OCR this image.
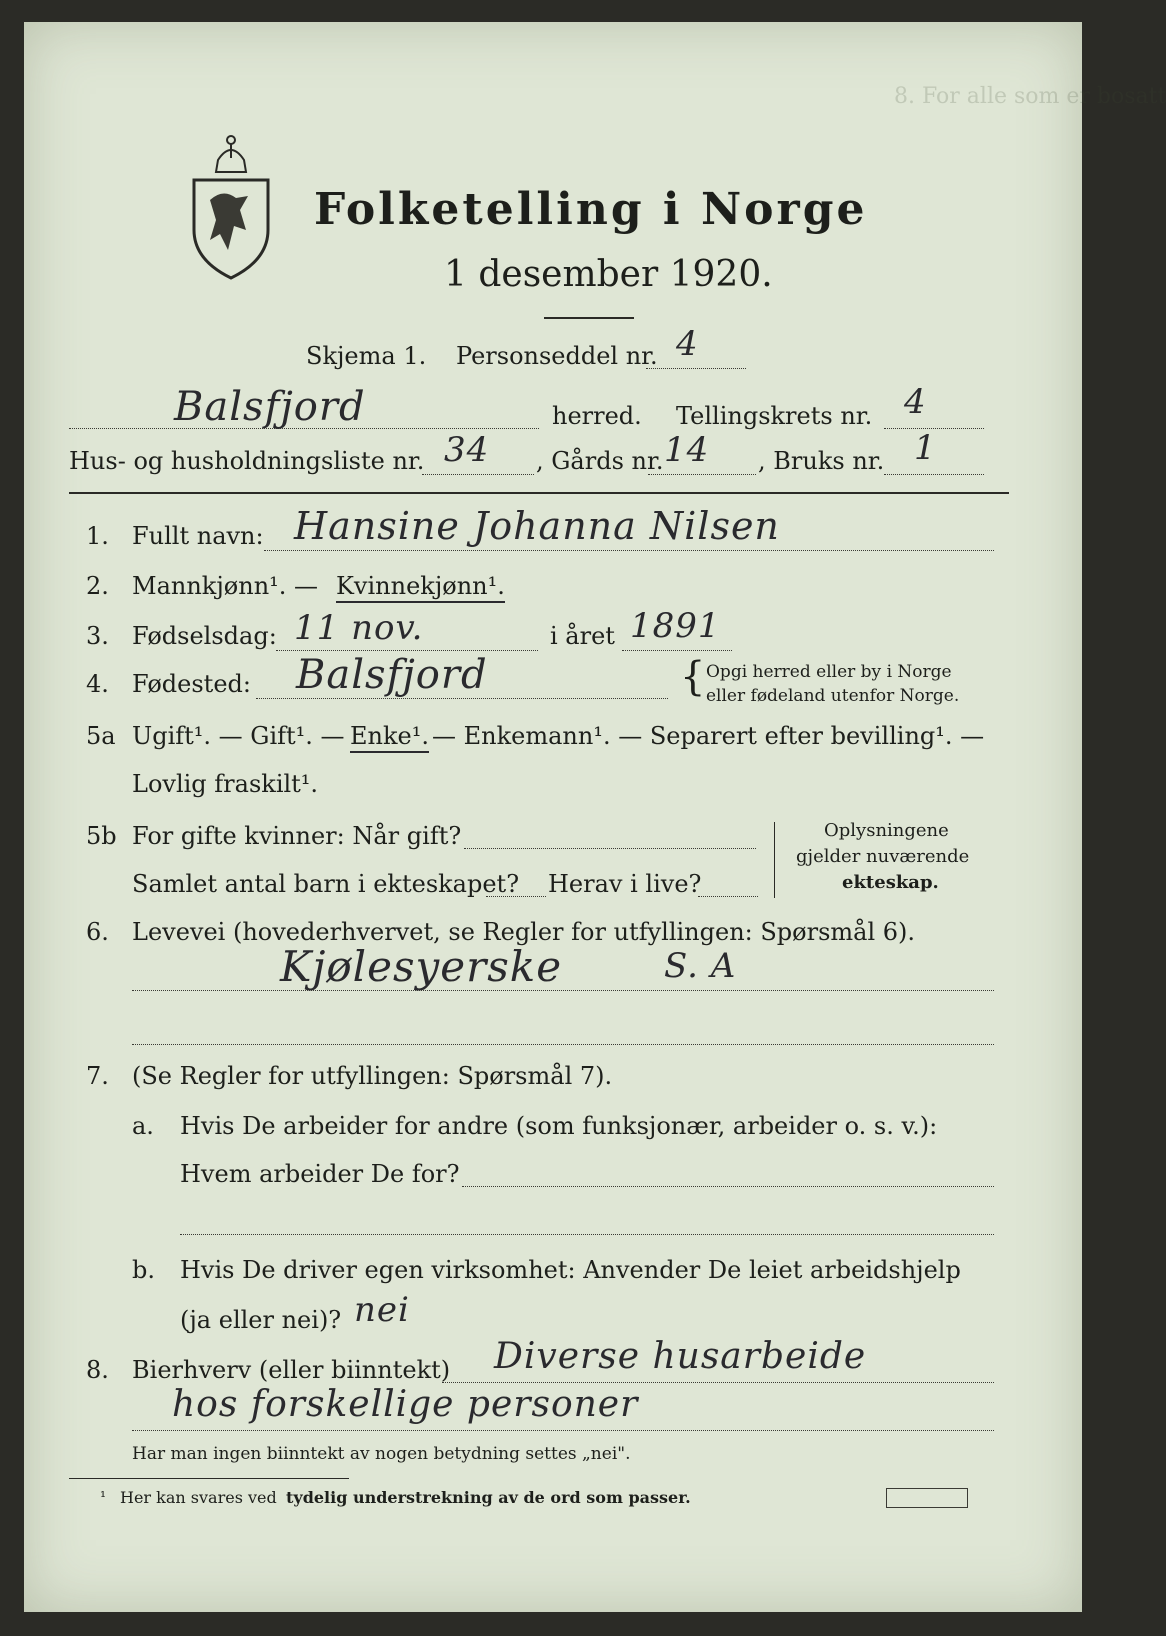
8. For alle som er bosatt
Folketelling i Norge
1 desember 1920.
Skjema 1. Personseddel nr. 4
Balsfjord	herred. Tellingskrets nr. 4
Hus- og husholdningsliste nr. 34 , Gårds nr. 14 , Bruks nr. 1
1. Fullt navn: Hansine Johanna Nilsen
2. Mannkjønn¹. — Kvinnekjønn¹.
3. Fødselsdag: 11 nov.	i året 1891
4. Fødested: Balsfjord	{ Opgi herred eller by i Norge
eller fødeland utenfor Norge.
5a Ugift¹. — Gift¹. — Enke¹. — Enkemann¹. — Separert efter bevilling¹. —
Lovlig fraskilt¹.
5b For gifte kvinner: Når gift?
Samlet antal barn i ekteskapet? Herav i live?
Oplysningene
gjelder nuværende
ekteskap.
6. Levevei (hovederhvervet, se Regler for utfyllingen: Spørsmål 6).
Kjølesyerske	S. A
7. (Se Regler for utfyllingen: Spørsmål 7).
a. Hvis De arbeider for andre (som funksjonær, arbeider o. s. v.):
Hvem arbeider De for?
b. Hvis De driver egen virksomhet: Anvender De leiet arbeidshjelp
(ja eller nei)? nei
8. Bierhverv (eller biinntekt) Diverse husarbeide
hos forskellige personer
Har man ingen biinntekt av nogen betydning settes „nei".
¹ Her kan svares ved tydelig understrekning av de ord som passer.
